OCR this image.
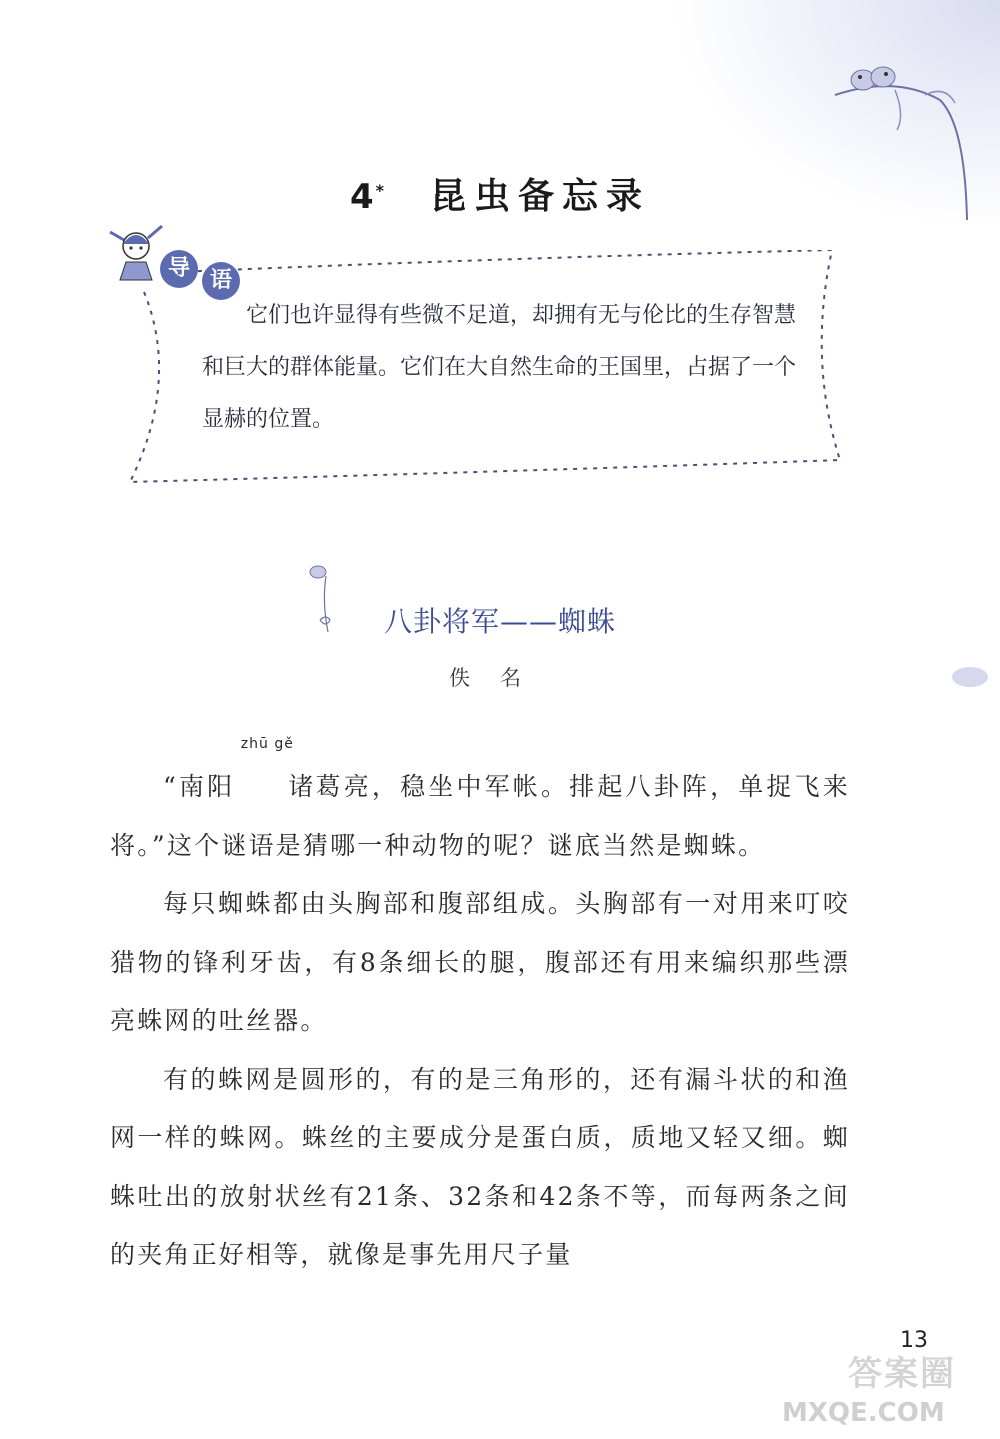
4 * 昆虫备忘录
导 语

它们也许显得有些微不足道，却拥有无与伦比的生存智慧和巨大的群体能量。它们在大自然生命的王国里，占据了一个显赫的位置。

八卦将军——蜘蛛
佚名

“南阳
zhū gě
诸葛亮，稳坐中军帐。排起八卦阵，单捉飞来将。”这个谜语是猜哪一种动物的呢？谜底当然是蜘蛛。

每只蜘蛛都由头胸部和腹部组成。头胸部有一对用来叮咬猎物的锋利牙齿，有8条细长的腿，腹部还有用来编织那些漂亮蛛网的吐丝器。

有的蛛网是圆形的，有的是三角形的，还有漏斗状的和渔网一样的蛛网。蛛丝的主要成分是蛋白质，质地又轻又细。蜘蛛吐出的放射状丝有21条、32条和42条不等，而每两条之间的夹角正好相等，就像是事先用尺子量

13
答案圈
MXQE.COM
